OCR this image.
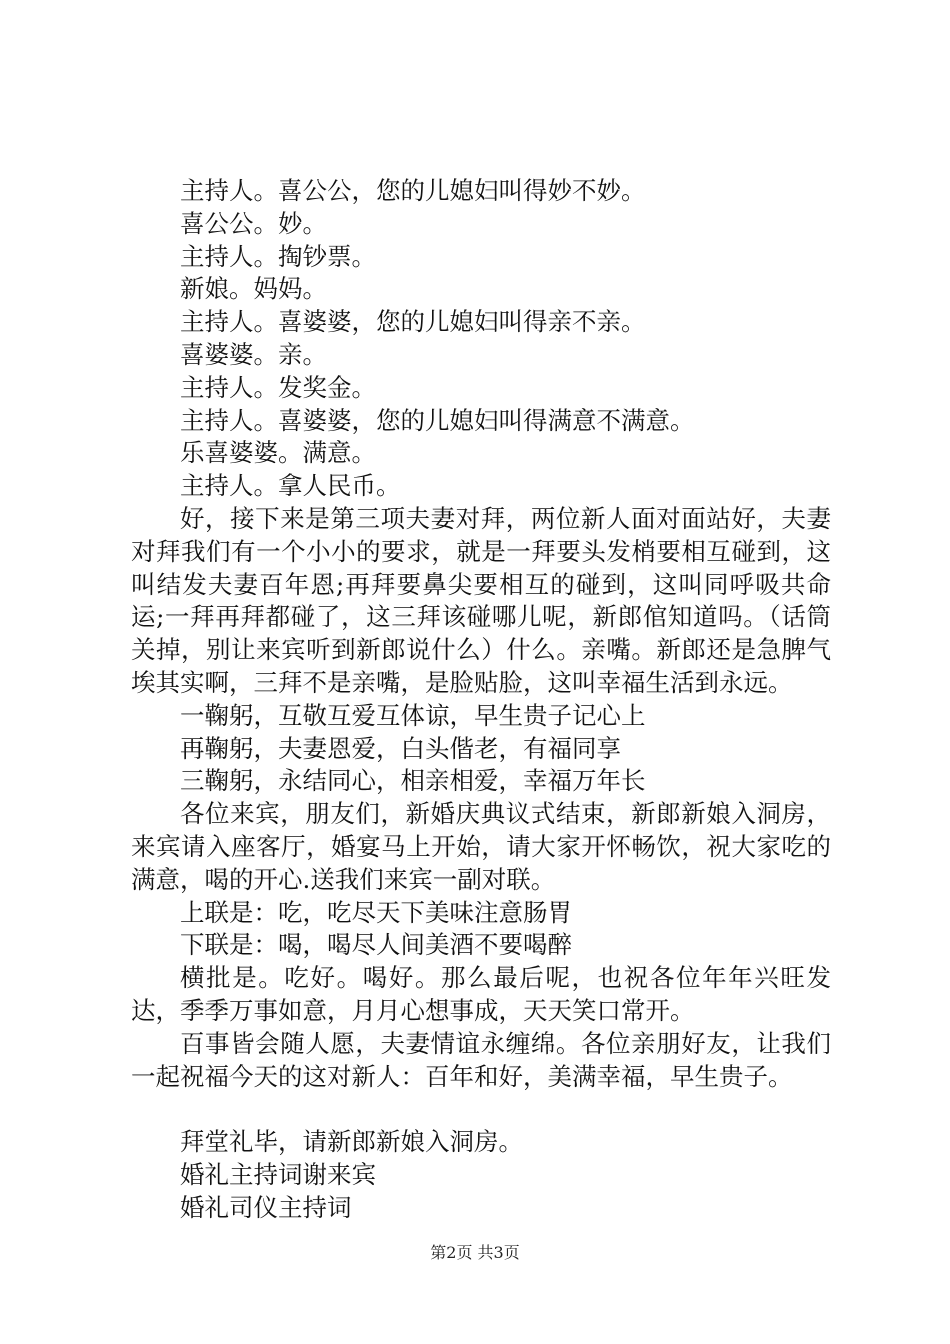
主持人。喜公公，您的儿媳妇叫得妙不妙。

喜公公。妙。

主持人。掏钞票。

新娘。妈妈。

主持人。喜婆婆，您的儿媳妇叫得亲不亲。

喜婆婆。亲。

主持人。发奖金。

主持人。喜婆婆，您的儿媳妇叫得满意不满意。

乐喜婆婆。满意。

主持人。拿人民币。

好，接下来是第三项夫妻对拜，两位新人面对面站好，夫妻对拜我们有一个小小的要求，就是一拜要头发梢要相互碰到，这叫结发夫妻百年恩;再拜要鼻尖要相互的碰到，这叫同呼吸共命运;一拜再拜都碰了，这三拜该碰哪儿呢，新郎倌知道吗。（话筒关掉，别让来宾听到新郎说什么）什么。亲嘴。新郎还是急脾气埃其实啊，三拜不是亲嘴，是脸贴脸，这叫幸福生活到永远。

一鞠躬，互敬互爱互体谅，早生贵子记心上

再鞠躬，夫妻恩爱，白头偕老，有福同享

三鞠躬，永结同心，相亲相爱，幸福万年长

各位来宾，朋友们，新婚庆典议式结束，新郎新娘入洞房，来宾请入座客厅，婚宴马上开始，请大家开怀畅饮，祝大家吃的满意，喝的开心.送我们来宾一副对联。

上联是：吃，吃尽天下美味注意肠胃

下联是：喝，喝尽人间美酒不要喝醉

横批是。吃好。喝好。那么最后呢，也祝各位年年兴旺发达，季季万事如意，月月心想事成，天天笑口常开。

百事皆会随人愿，夫妻情谊永缠绵。各位亲朋好友，让我们一起祝福今天的这对新人：百年和好，美满幸福，早生贵子。

拜堂礼毕，请新郎新娘入洞房。

婚礼主持词谢来宾

婚礼司仪主持词

第2页 共3页
